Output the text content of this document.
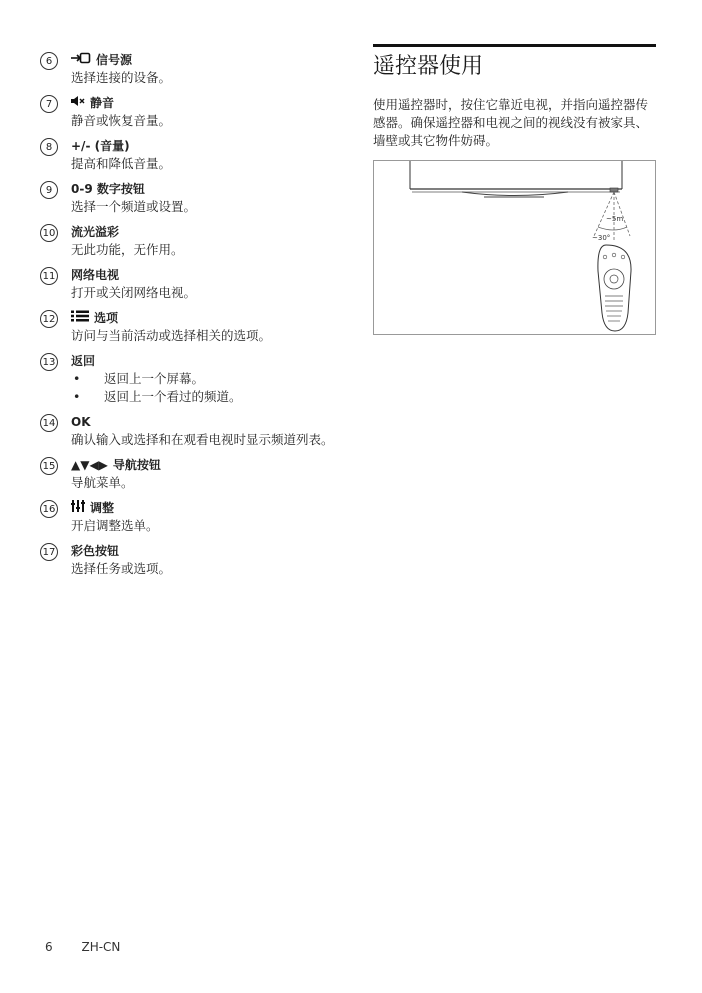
6	信号源
选择连接的设备。
7	静音
静音或恢复音量。
8	+/- (音量)
提高和降低音量。
9	0-9 数字按钮
选择一个频道或设置。
10 流光溢彩
无此功能，无作用。
11 网络电视
打开或关闭网络电视。
12	选项
访问与当前活动或选择相关的选项。
13 返回
•	返回上一个屏幕。
•	返回上一个看过的频道。
14 OK
确认输入或选择和在观看电视时显示频道列表。
15 ▲▼◀▶ 导航按钮
导航菜单。
16	调整
开启调整选单。
17 彩色按钮
选择任务或选项。
遥控器使用
使用遥控器时，按住它靠近电视，并指向遥控器传感器。确保遥控器和电视之间的视线没有被家具、墙壁或其它物件妨碍。
~5m
~30°
6 ZH-CN
